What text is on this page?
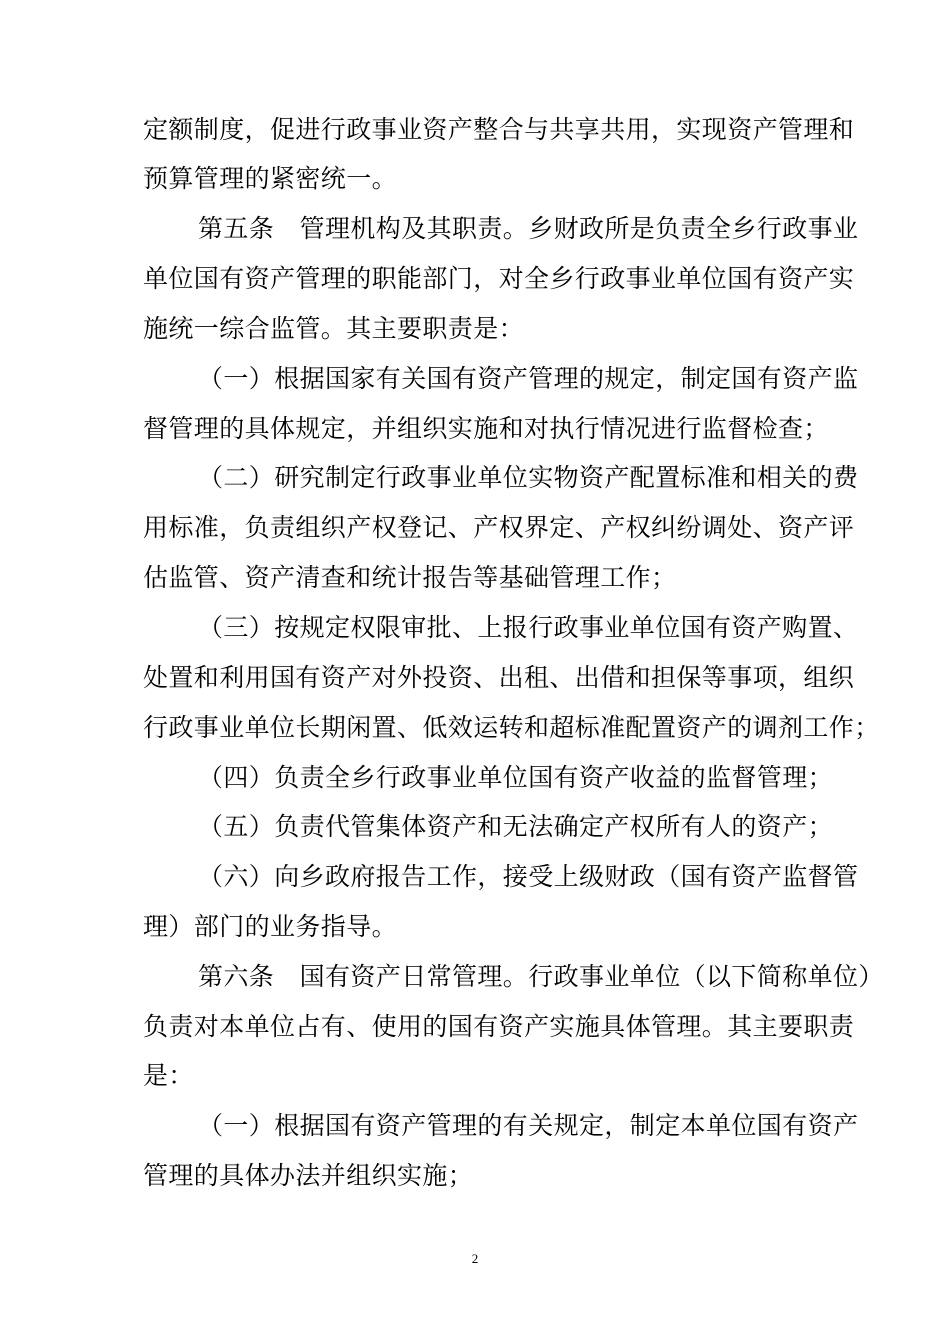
定额制度，促进行政事业资产整合与共享共用，实现资产管理和
预算管理的紧密统一。
第五条　管理机构及其职责。乡财政所是负责全乡行政事业
单位国有资产管理的职能部门，对全乡行政事业单位国有资产实
施统一综合监管。其主要职责是：
（一）根据国家有关国有资产管理的规定，制定国有资产监
督管理的具体规定，并组织实施和对执行情况进行监督检查；
（二）研究制定行政事业单位实物资产配置标准和相关的费
用标准，负责组织产权登记、产权界定、产权纠纷调处、资产评
估监管、资产清查和统计报告等基础管理工作；
（三）按规定权限审批、上报行政事业单位国有资产购置、
处置和利用国有资产对外投资、出租、出借和担保等事项，组织
行政事业单位长期闲置、低效运转和超标准配置资产的调剂工作；
（四）负责全乡行政事业单位国有资产收益的监督管理；
（五）负责代管集体资产和无法确定产权所有人的资产；
（六）向乡政府报告工作，接受上级财政（国有资产监督管
理）部门的业务指导。
第六条　国有资产日常管理。行政事业单位（以下简称单位）
负责对本单位占有、使用的国有资产实施具体管理。其主要职责
是：
（一）根据国有资产管理的有关规定，制定本单位国有资产
管理的具体办法并组织实施；
2
